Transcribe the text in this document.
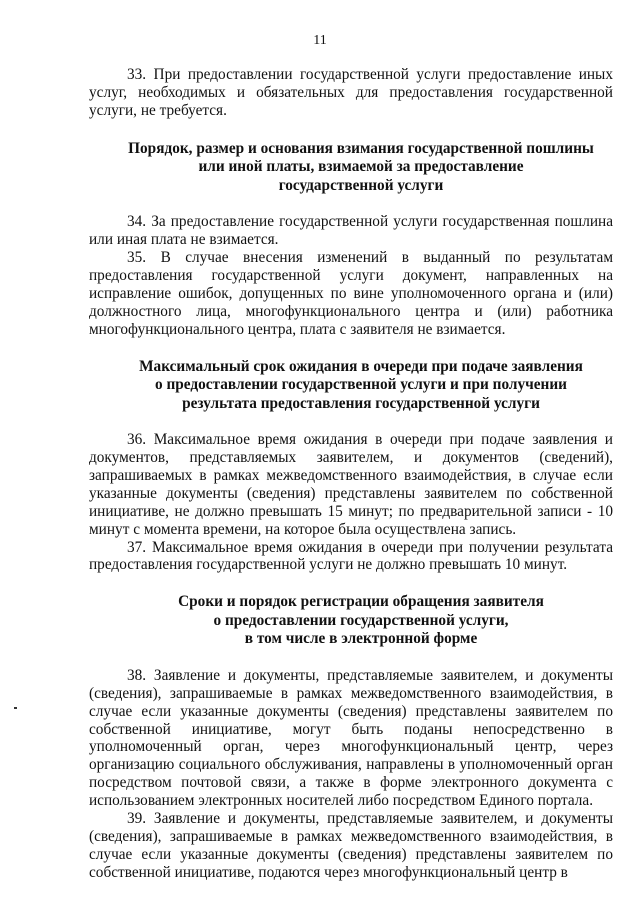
11

33. При предоставлении государственной услуги предоставление иных услуг, необходимых и обязательных для предоставления государственной услуги, не требуется.

Порядок, размер и основания взимания государственной пошлины
или иной платы, взимаемой за предоставление
государственной услуги

34. За предоставление государственной услуги государственная пошлина или иная плата не взимается.

35. В случае внесения изменений в выданный по результатам предоставления государственной услуги документ, направленных на исправление ошибок, допущенных по вине уполномоченного органа и (или) должностного лица, многофункционального центра и (или) работника многофункционального центра, плата с заявителя не взимается.

Максимальный срок ожидания в очереди при подаче заявления
о предоставлении государственной услуги и при получении
результата предоставления государственной услуги

36. Максимальное время ожидания в очереди при подаче заявления и документов, представляемых заявителем, и документов (сведений), запрашиваемых в рамках межведомственного взаимодействия, в случае если указанные документы (сведения) представлены заявителем по собственной инициативе, не должно превышать 15 минут; по предварительной записи - 10 минут с момента времени, на которое была осуществлена запись.

37. Максимальное время ожидания в очереди при получении результата предоставления государственной услуги не должно превышать 10 минут.

Сроки и порядок регистрации обращения заявителя
о предоставлении государственной услуги,
в том числе в электронной форме

38. Заявление и документы, представляемые заявителем, и документы (сведения), запрашиваемые в рамках межведомственного взаимодействия, в случае если указанные документы (сведения) представлены заявителем по собственной инициативе, могут быть поданы непосредственно в уполномоченный орган, через многофункциональный центр, через организацию социального обслуживания, направлены в уполномоченный орган посредством почтовой связи, а также в форме электронного документа с использованием электронных носителей либо посредством Единого портала.

39. Заявление и документы, представляемые заявителем, и документы (сведения), запрашиваемые в рамках межведомственного взаимодействия, в случае если указанные документы (сведения) представлены заявителем по собственной инициативе, подаются через многофункциональный центр в
